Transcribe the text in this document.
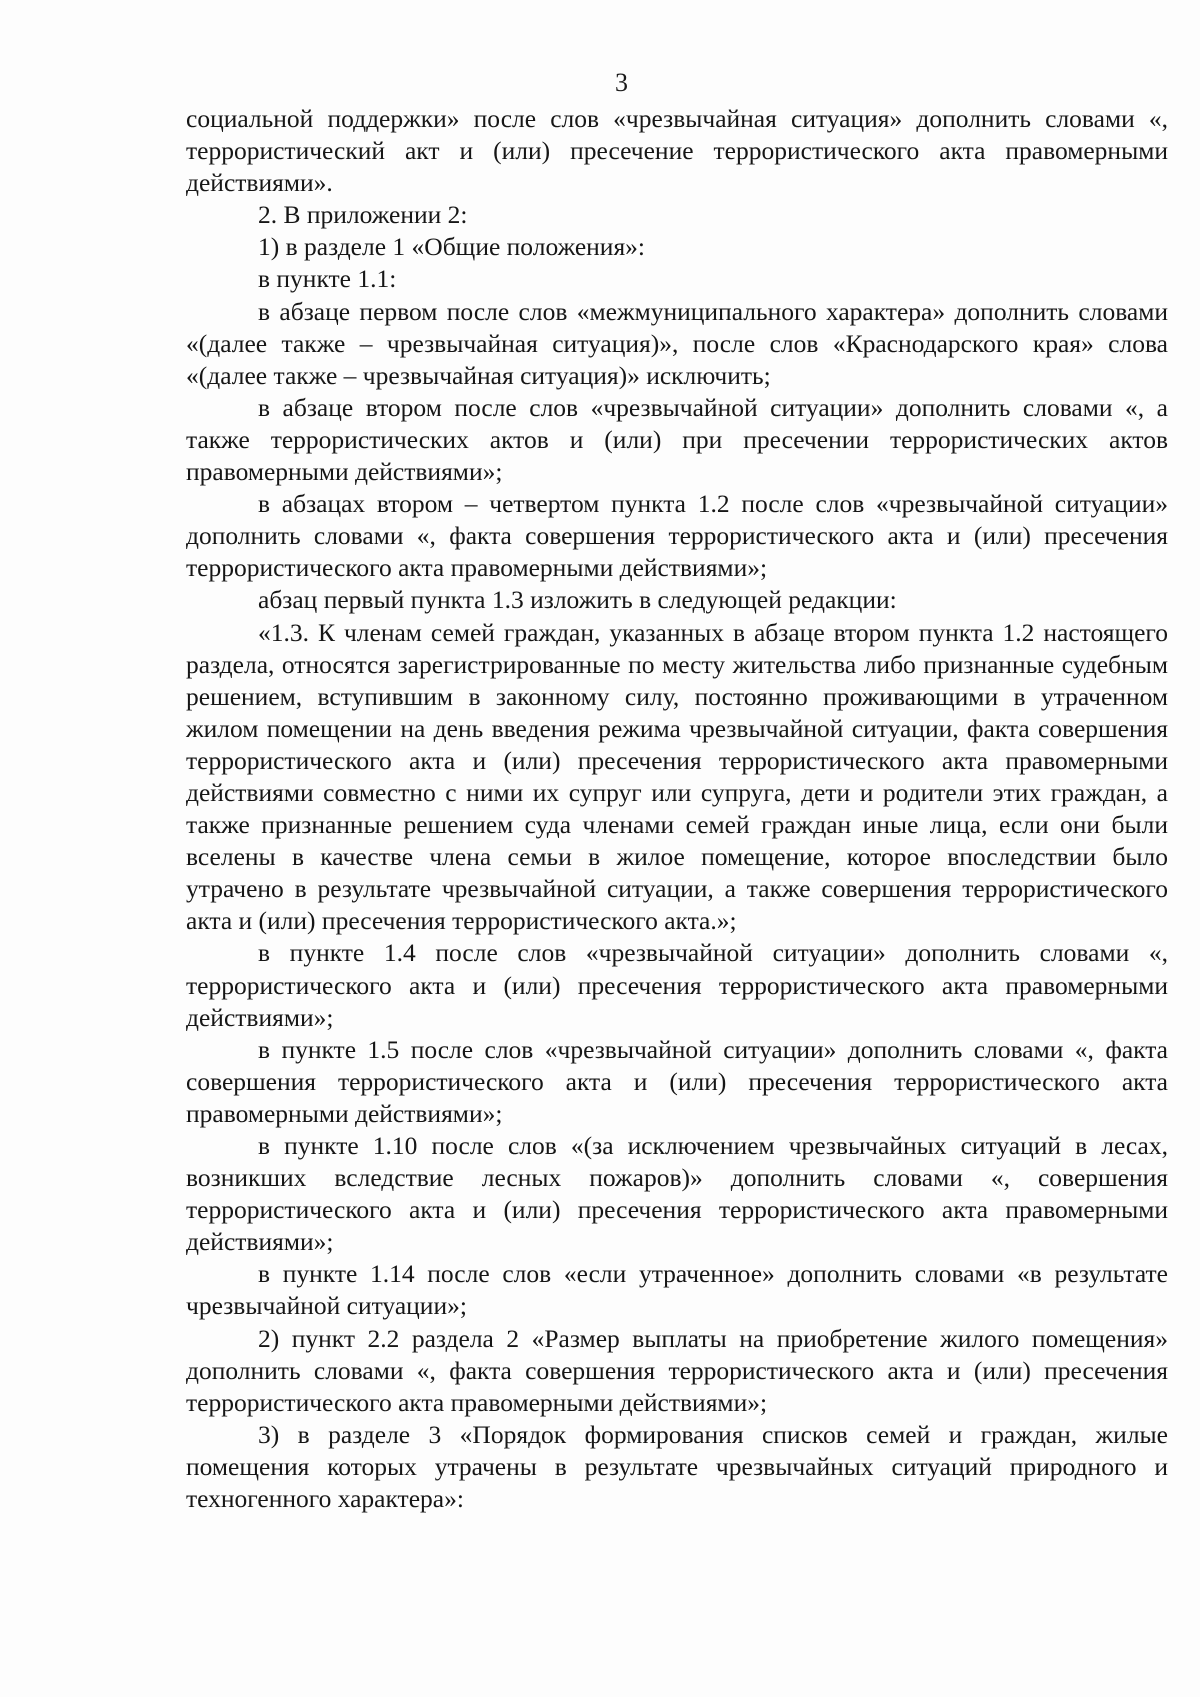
3

социальной поддержки» после слов «чрезвычайная ситуация» дополнить словами «, террористический акт и (или) пресечение террористического акта правомерными действиями».

2. В приложении 2:

1) в разделе 1 «Общие положения»:

в пункте 1.1:

в абзаце первом после слов «межмуниципального характера» дополнить словами «(далее также – чрезвычайная ситуация)», после слов «Краснодарского края» слова «(далее также – чрезвычайная ситуация)» исключить;

в абзаце втором после слов «чрезвычайной ситуации» дополнить словами «, а также террористических актов и (или) при пресечении террористических актов правомерными действиями»;

в абзацах втором – четвертом пункта 1.2 после слов «чрезвычайной ситуации» дополнить словами «, факта совершения террористического акта и (или) пресечения террористического акта правомерными действиями»;

абзац первый пункта 1.3 изложить в следующей редакции:

«1.3. К членам семей граждан, указанных в абзаце втором пункта 1.2 настоящего раздела, относятся зарегистрированные по месту жительства либо признанные судебным решением, вступившим в законному силу, постоянно проживающими в утраченном жилом помещении на день введения режима чрезвычайной ситуации, факта совершения террористического акта и (или) пресечения террористического акта правомерными действиями совместно с ними их супруг или супруга, дети и родители этих граждан, а также признанные решением суда членами семей граждан иные лица, если они были вселены в качестве члена семьи в жилое помещение, которое впоследствии было утрачено в результате чрезвычайной ситуации, а также совершения террористического акта и (или) пресечения террористического акта.»;

в пункте 1.4 после слов «чрезвычайной ситуации» дополнить словами «, террористического акта и (или) пресечения террористического акта правомерными действиями»;

в пункте 1.5 после слов «чрезвычайной ситуации» дополнить словами «, факта совершения террористического акта и (или) пресечения террористического акта правомерными действиями»;

в пункте 1.10 после слов «(за исключением чрезвычайных ситуаций в лесах, возникших вследствие лесных пожаров)» дополнить словами «, совершения террористического акта и (или) пресечения террористического акта правомерными действиями»;

в пункте 1.14 после слов «если утраченное» дополнить словами «в результате чрезвычайной ситуации»;

2) пункт 2.2 раздела 2 «Размер выплаты на приобретение жилого помещения» дополнить словами «, факта совершения террористического акта и (или) пресечения террористического акта правомерными действиями»;

3) в разделе 3 «Порядок формирования списков семей и граждан, жилые помещения которых утрачены в результате чрезвычайных ситуаций природного и техногенного характера»:
